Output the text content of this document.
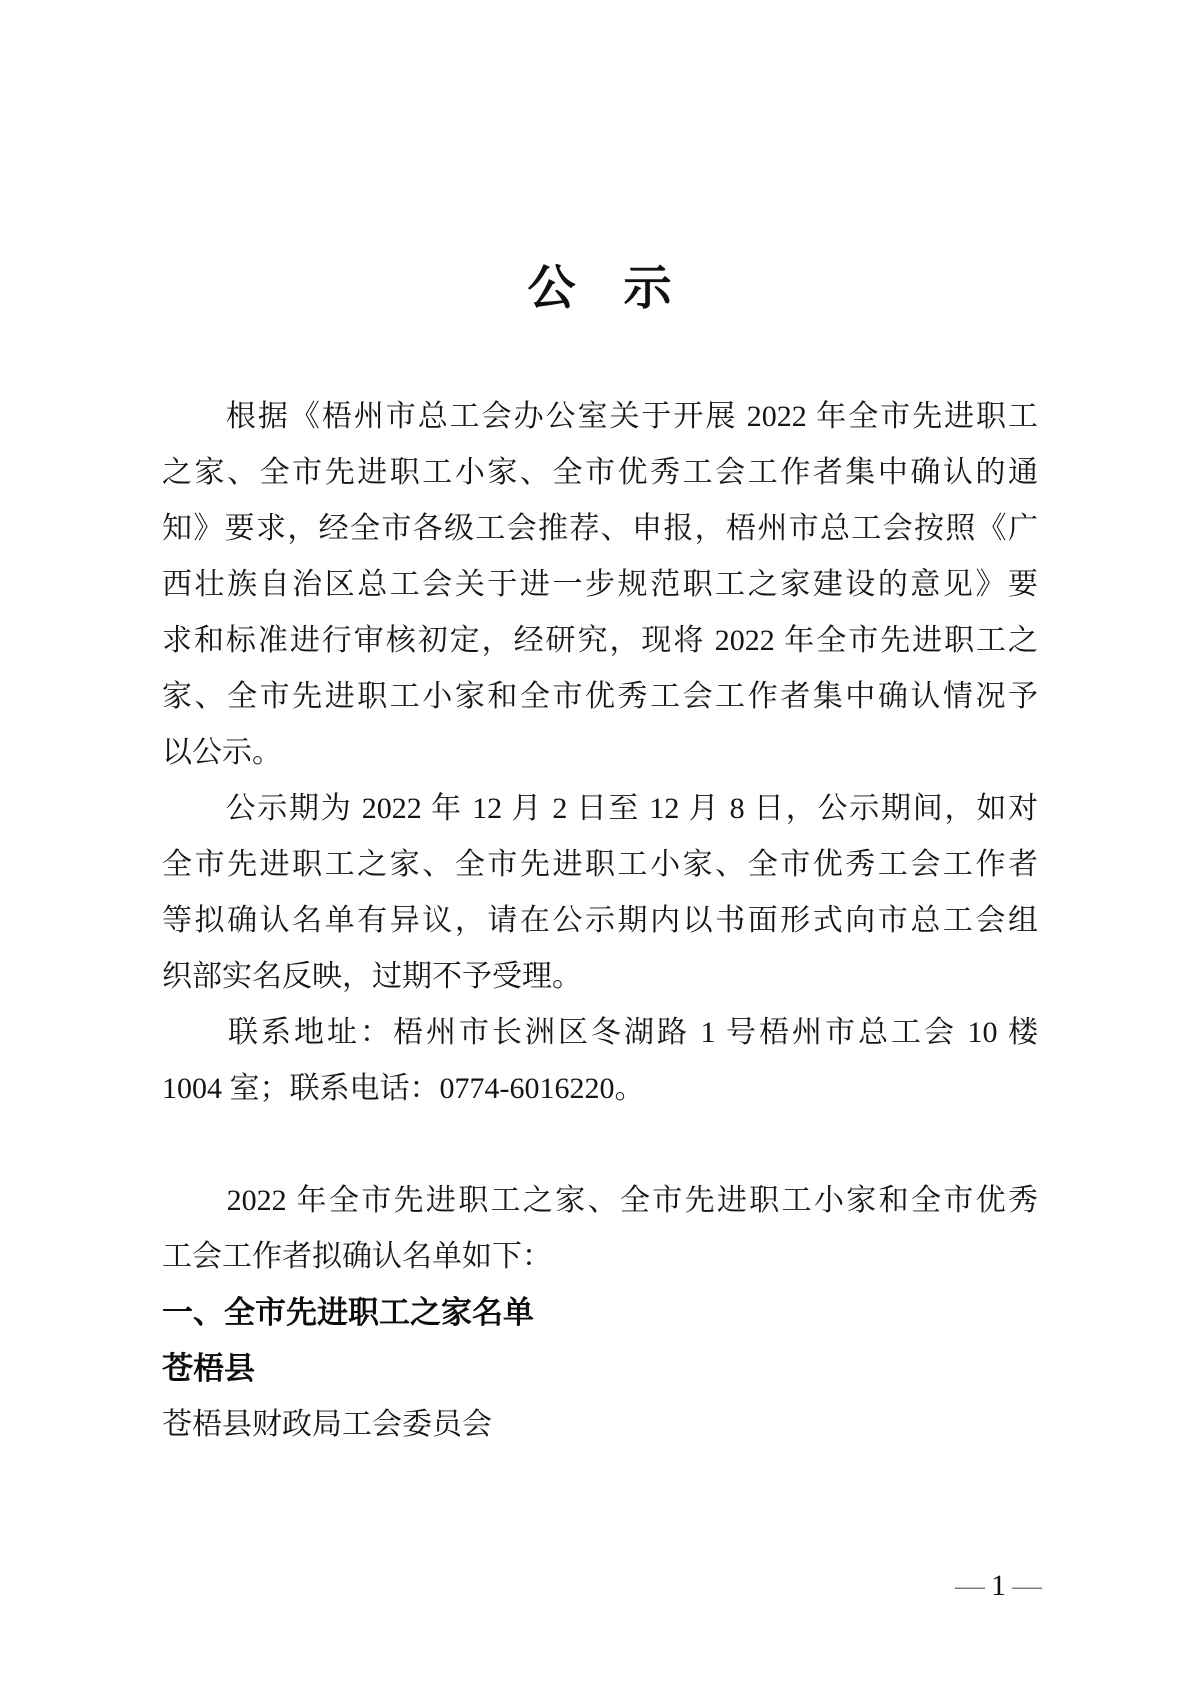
公　示
　　根据《梧州市总工会办公室关于开展 2022 年全市先进职工
之家、全市先进职工小家、全市优秀工会工作者集中确认的通
知》要求，经全市各级工会推荐、申报，梧州市总工会按照《广
西壮族自治区总工会关于进一步规范职工之家建设的意见》要
求和标准进行审核初定，经研究，现将 2022 年全市先进职工之
家、全市先进职工小家和全市优秀工会工作者集中确认情况予
以公示。
　　公示期为 2022 年 12 月 2 日至 12 月 8 日，公示期间，如对
全市先进职工之家、全市先进职工小家、全市优秀工会工作者
等拟确认名单有异议，请在公示期内以书面形式向市总工会组
织部实名反映，过期不予受理。
　　联系地址：梧州市长洲区冬湖路 1 号梧州市总工会 10 楼
1004 室；联系电话：0774-6016220。
　　2022 年全市先进职工之家、全市先进职工小家和全市优秀
工会工作者拟确认名单如下：
一、全市先进职工之家名单
苍梧县
苍梧县财政局工会委员会
— 1 —
